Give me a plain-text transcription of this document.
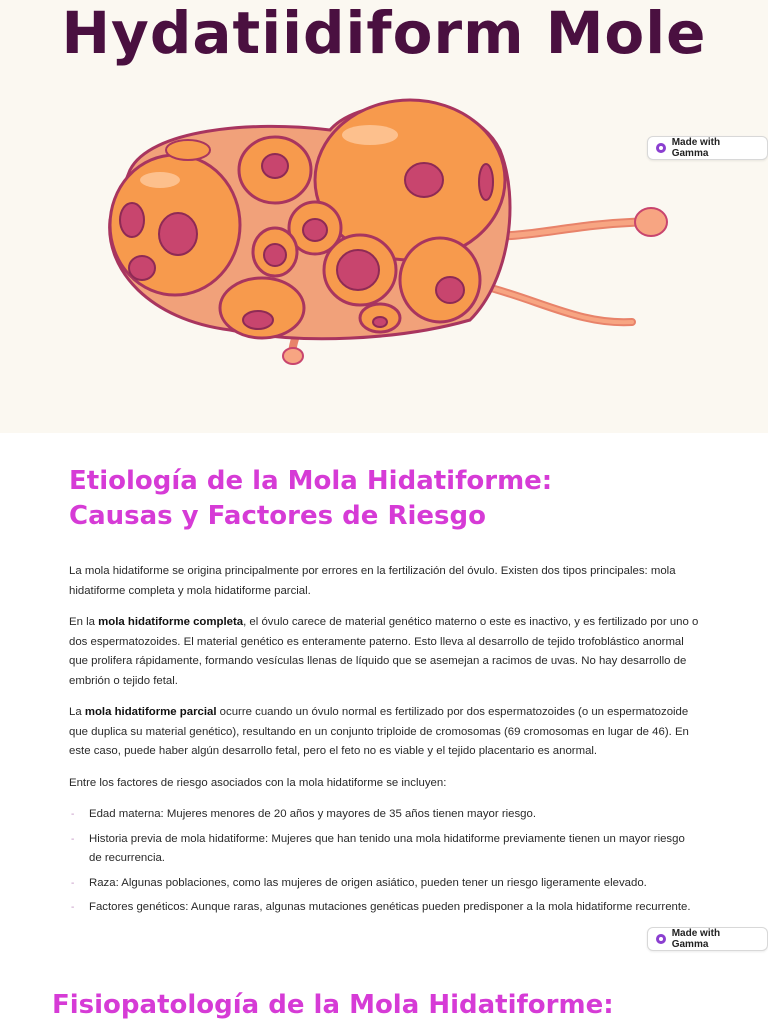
Hydatiidiform Mole
Made with Gamma
Etiología de la Mola Hidatiforme:
Causas y Factores de Riesgo

La mola hidatiforme se origina principalmente por errores en la fertilización del óvulo. Existen dos tipos principales: mola hidatiforme completa y mola hidatiforme parcial.

En la mola hidatiforme completa, el óvulo carece de material genético materno o este es inactivo, y es fertilizado por uno o dos espermatozoides. El material genético es enteramente paterno. Esto lleva al desarrollo de tejido trofoblástico anormal que prolifera rápidamente, formando vesículas llenas de líquido que se asemejan a racimos de uvas. No hay desarrollo de embrión o tejido fetal.

La mola hidatiforme parcial ocurre cuando un óvulo normal es fertilizado por dos espermatozoides (o un espermatozoide que duplica su material genético), resultando en un conjunto triploide de cromosomas (69 cromosomas en lugar de 46). En este caso, puede haber algún desarrollo fetal, pero el feto no es viable y el tejido placentario es anormal.

Entre los factores de riesgo asociados con la mola hidatiforme se incluyen:

- Edad materna: Mujeres menores de 20 años y mayores de 35 años tienen mayor riesgo.
- Historia previa de mola hidatiforme: Mujeres que han tenido una mola hidatiforme previamente tienen un mayor riesgo de recurrencia.
- Raza: Algunas poblaciones, como las mujeres de origen asiático, pueden tener un riesgo ligeramente elevado.
- Factores genéticos: Aunque raras, algunas mutaciones genéticas pueden predisponer a la mola hidatiforme recurrente.
Made with Gamma
Fisiopatología de la Mola Hidatiforme:
